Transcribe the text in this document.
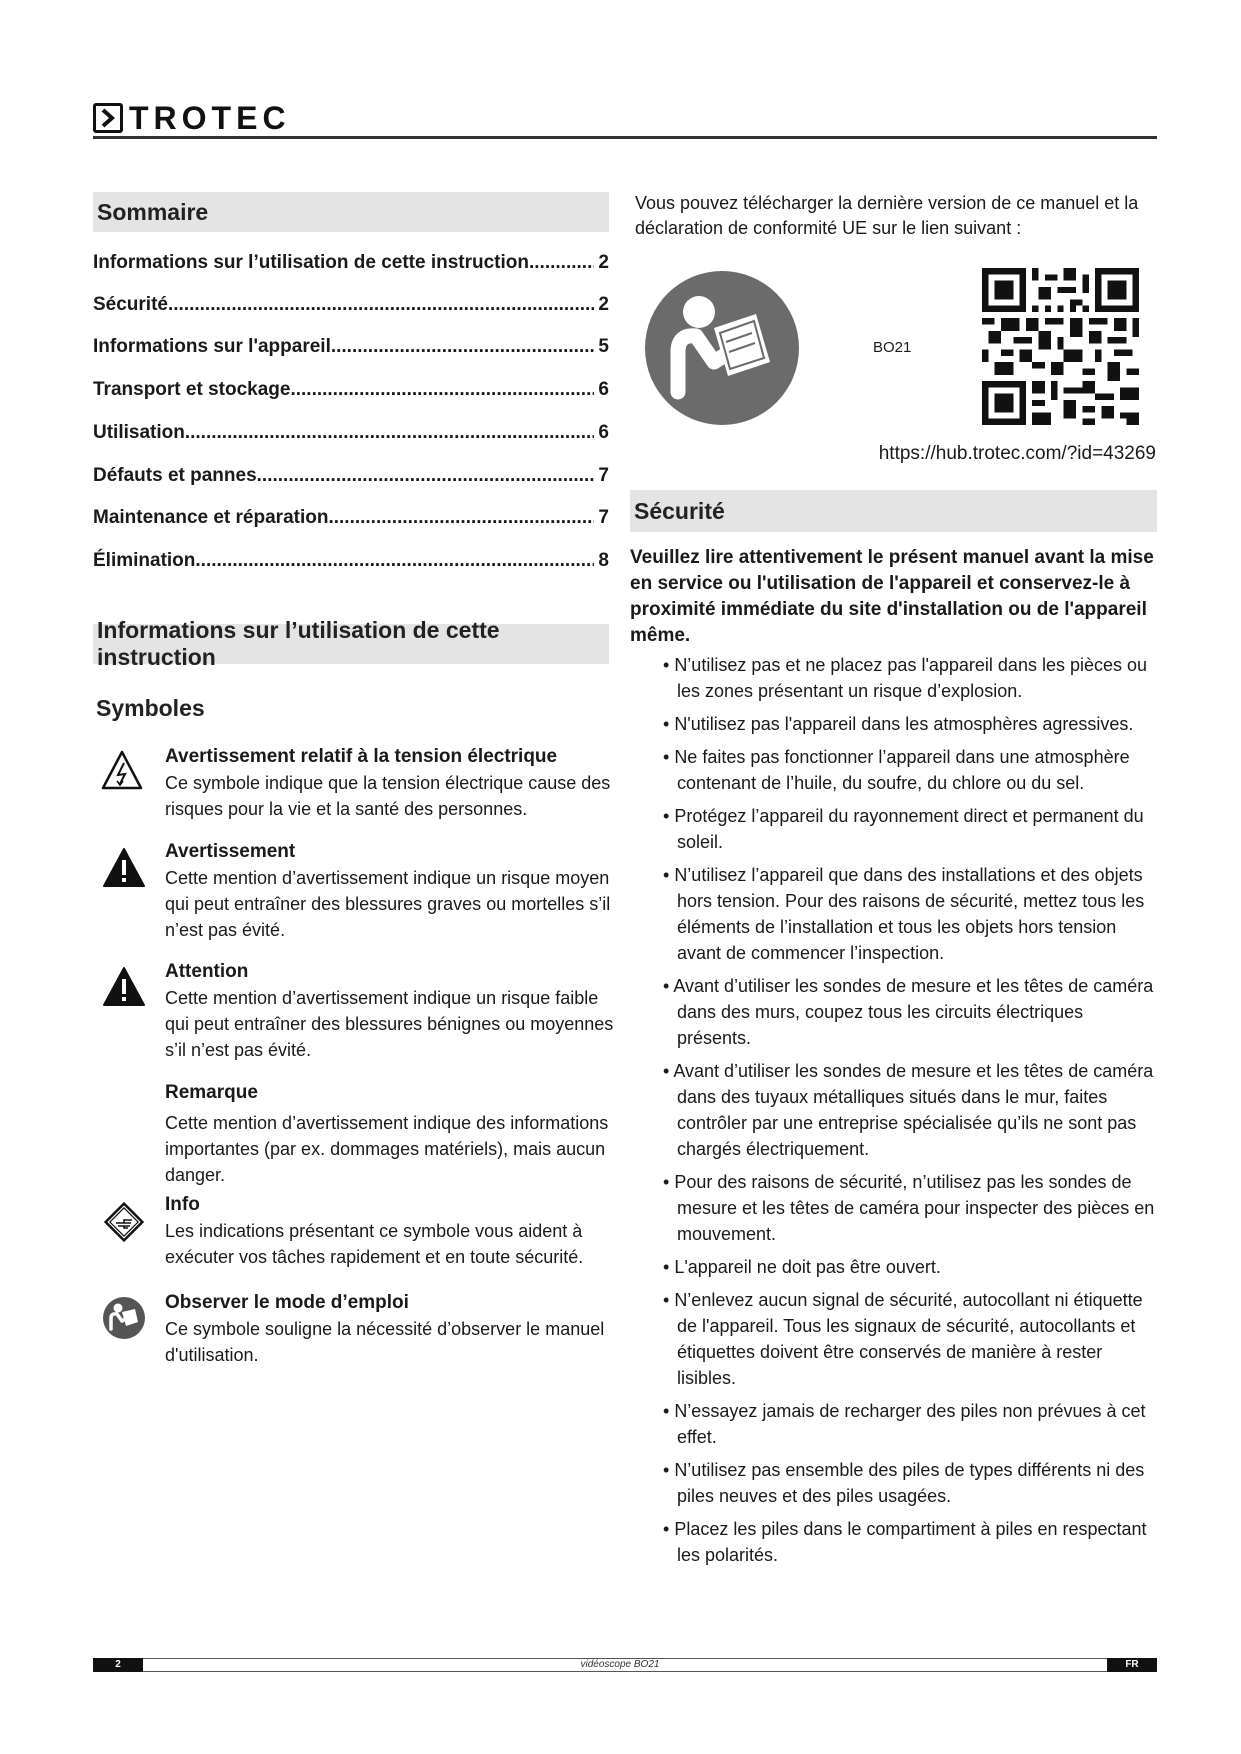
TROTEC
Sommaire
Informations sur l’utilisation de cette instruction .....	2
Sécurité .....	2
Informations sur l'appareil .....	5
Transport et stockage .....	6
Utilisation .....	6
Défauts et pannes .....	7
Maintenance et réparation .....	7
Élimination .....	8
Informations sur l’utilisation de cette instruction
Symboles
Avertissement relatif à la tension électrique
Ce symbole indique que la tension électrique cause des risques pour la vie et la santé des personnes.
Avertissement
Cette mention d’avertissement indique un risque moyen qui peut entraîner des blessures graves ou mortelles s’il n’est pas évité.
Attention
Cette mention d’avertissement indique un risque faible qui peut entraîner des blessures bénignes ou moyennes s’il n’est pas évité.
Remarque
Cette mention d’avertissement indique des informations importantes (par ex. dommages matériels), mais aucun danger.
Info
Les indications présentant ce symbole vous aident à exécuter vos tâches rapidement et en toute sécurité.
Observer le mode d’emploi
Ce symbole souligne la nécessité d’observer le manuel d'utilisation.
Vous pouvez télécharger la dernière version de ce manuel et la déclaration de conformité UE sur le lien suivant :
BO21
https://hub.trotec.com/?id=43269
Sécurité
Veuillez lire attentivement le présent manuel avant la mise en service ou l'utilisation de l'appareil et conservez-le à proximité immédiate du site d'installation ou de l'appareil même.
• N’utilisez pas et ne placez pas l'appareil dans les pièces ou les zones présentant un risque d’explosion.
• N'utilisez pas l'appareil dans les atmosphères agressives.
• Ne faites pas fonctionner l’appareil dans une atmosphère contenant de l’huile, du soufre, du chlore ou du sel.
• Protégez l’appareil du rayonnement direct et permanent du soleil.
• N’utilisez l’appareil que dans des installations et des objets hors tension. Pour des raisons de sécurité, mettez tous les éléments de l’installation et tous les objets hors tension avant de commencer l’inspection.
• Avant d’utiliser les sondes de mesure et les têtes de caméra dans des murs, coupez tous les circuits électriques présents.
• Avant d’utiliser les sondes de mesure et les têtes de caméra dans des tuyaux métalliques situés dans le mur, faites contrôler par une entreprise spécialisée qu’ils ne sont pas chargés électriquement.
• Pour des raisons de sécurité, n’utilisez pas les sondes de mesure et les têtes de caméra pour inspecter des pièces en mouvement.
• L'appareil ne doit pas être ouvert.
• N’enlevez aucun signal de sécurité, autocollant ni étiquette de l'appareil. Tous les signaux de sécurité, autocollants et étiquettes doivent être conservés de manière à rester lisibles.
• N’essayez jamais de recharger des piles non prévues à cet effet.
• N’utilisez pas ensemble des piles de types différents ni des piles neuves et des piles usagées.
• Placez les piles dans le compartiment à piles en respectant les polarités.
2	vidéoscope BO21	FR
